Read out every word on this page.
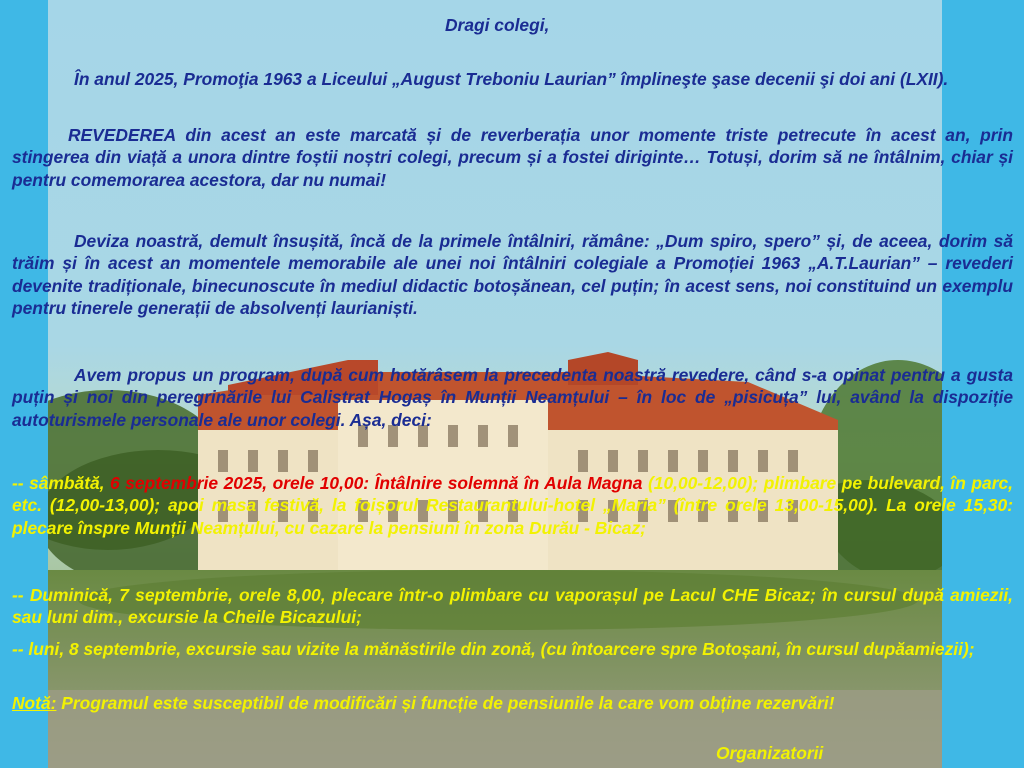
Dragi colegi,

În anul 2025, Promoţia 1963 a Liceului „August Treboniu Laurian” împlineşte şase decenii şi doi ani (LXII).

REVEDEREA din acest an este marcată și de reverberația unor momente triste petrecute în acest an, prin stingerea din viață a unora dintre foștii noștri colegi, precum și a fostei diriginte… Totuși, dorim să ne întâlnim, chiar și pentru comemorarea acestora, dar nu numai!

Deviza noastră, demult însușită, încă de la primele întâlniri, rămâne: „Dum spiro, spero” și, de aceea, dorim să trăim și în acest an momentele memorabile ale unei noi întâlniri colegiale a Promoției 1963 „A.T.Laurian” – revederi devenite tradiționale, binecunoscute în mediul didactic botoșănean, cel puțin; în acest sens, noi constituind un exemplu pentru tinerele generații de absolvenți laurianiști.

Avem propus un program, după cum hotărâsem la precedenta noastră revedere, când s-a opinat pentru a gusta puțin și noi din peregrinările lui Calistrat Hogaș în Munții Neamțului – în loc de „pisicuța” lui, având la dispoziție autoturismele personale ale unor colegi. Așa, deci:

-- sâmbătă, 6 septembrie 2025, orele 10,00: Întâlnire solemnă în Aula Magna (10,00-12,00); plimbare pe bulevard, în parc, etc. (12,00-13,00); apoi masa festivă, la foișorul Restaurantului-hotel „Maria” (între orele 13,00-15,00). La orele 15,30: plecare înspre Munții Neamțului, cu cazare la pensiuni în zona Durău - Bicaz;

-- Duminică, 7 septembrie, orele 8,00, plecare într-o plimbare cu vaporașul pe Lacul CHE Bicaz; în cursul după amiezii, sau luni dim., excursie la Cheile Bicazului;

-- luni, 8 septembrie, excursie sau vizite la mănăstirile din zonă, (cu întoarcere spre Botoșani, în cursul dupăamiezii);

Notă: Programul este susceptibil de modificări și funcție de pensiunile la care vom obține rezervări!

Organizatorii
